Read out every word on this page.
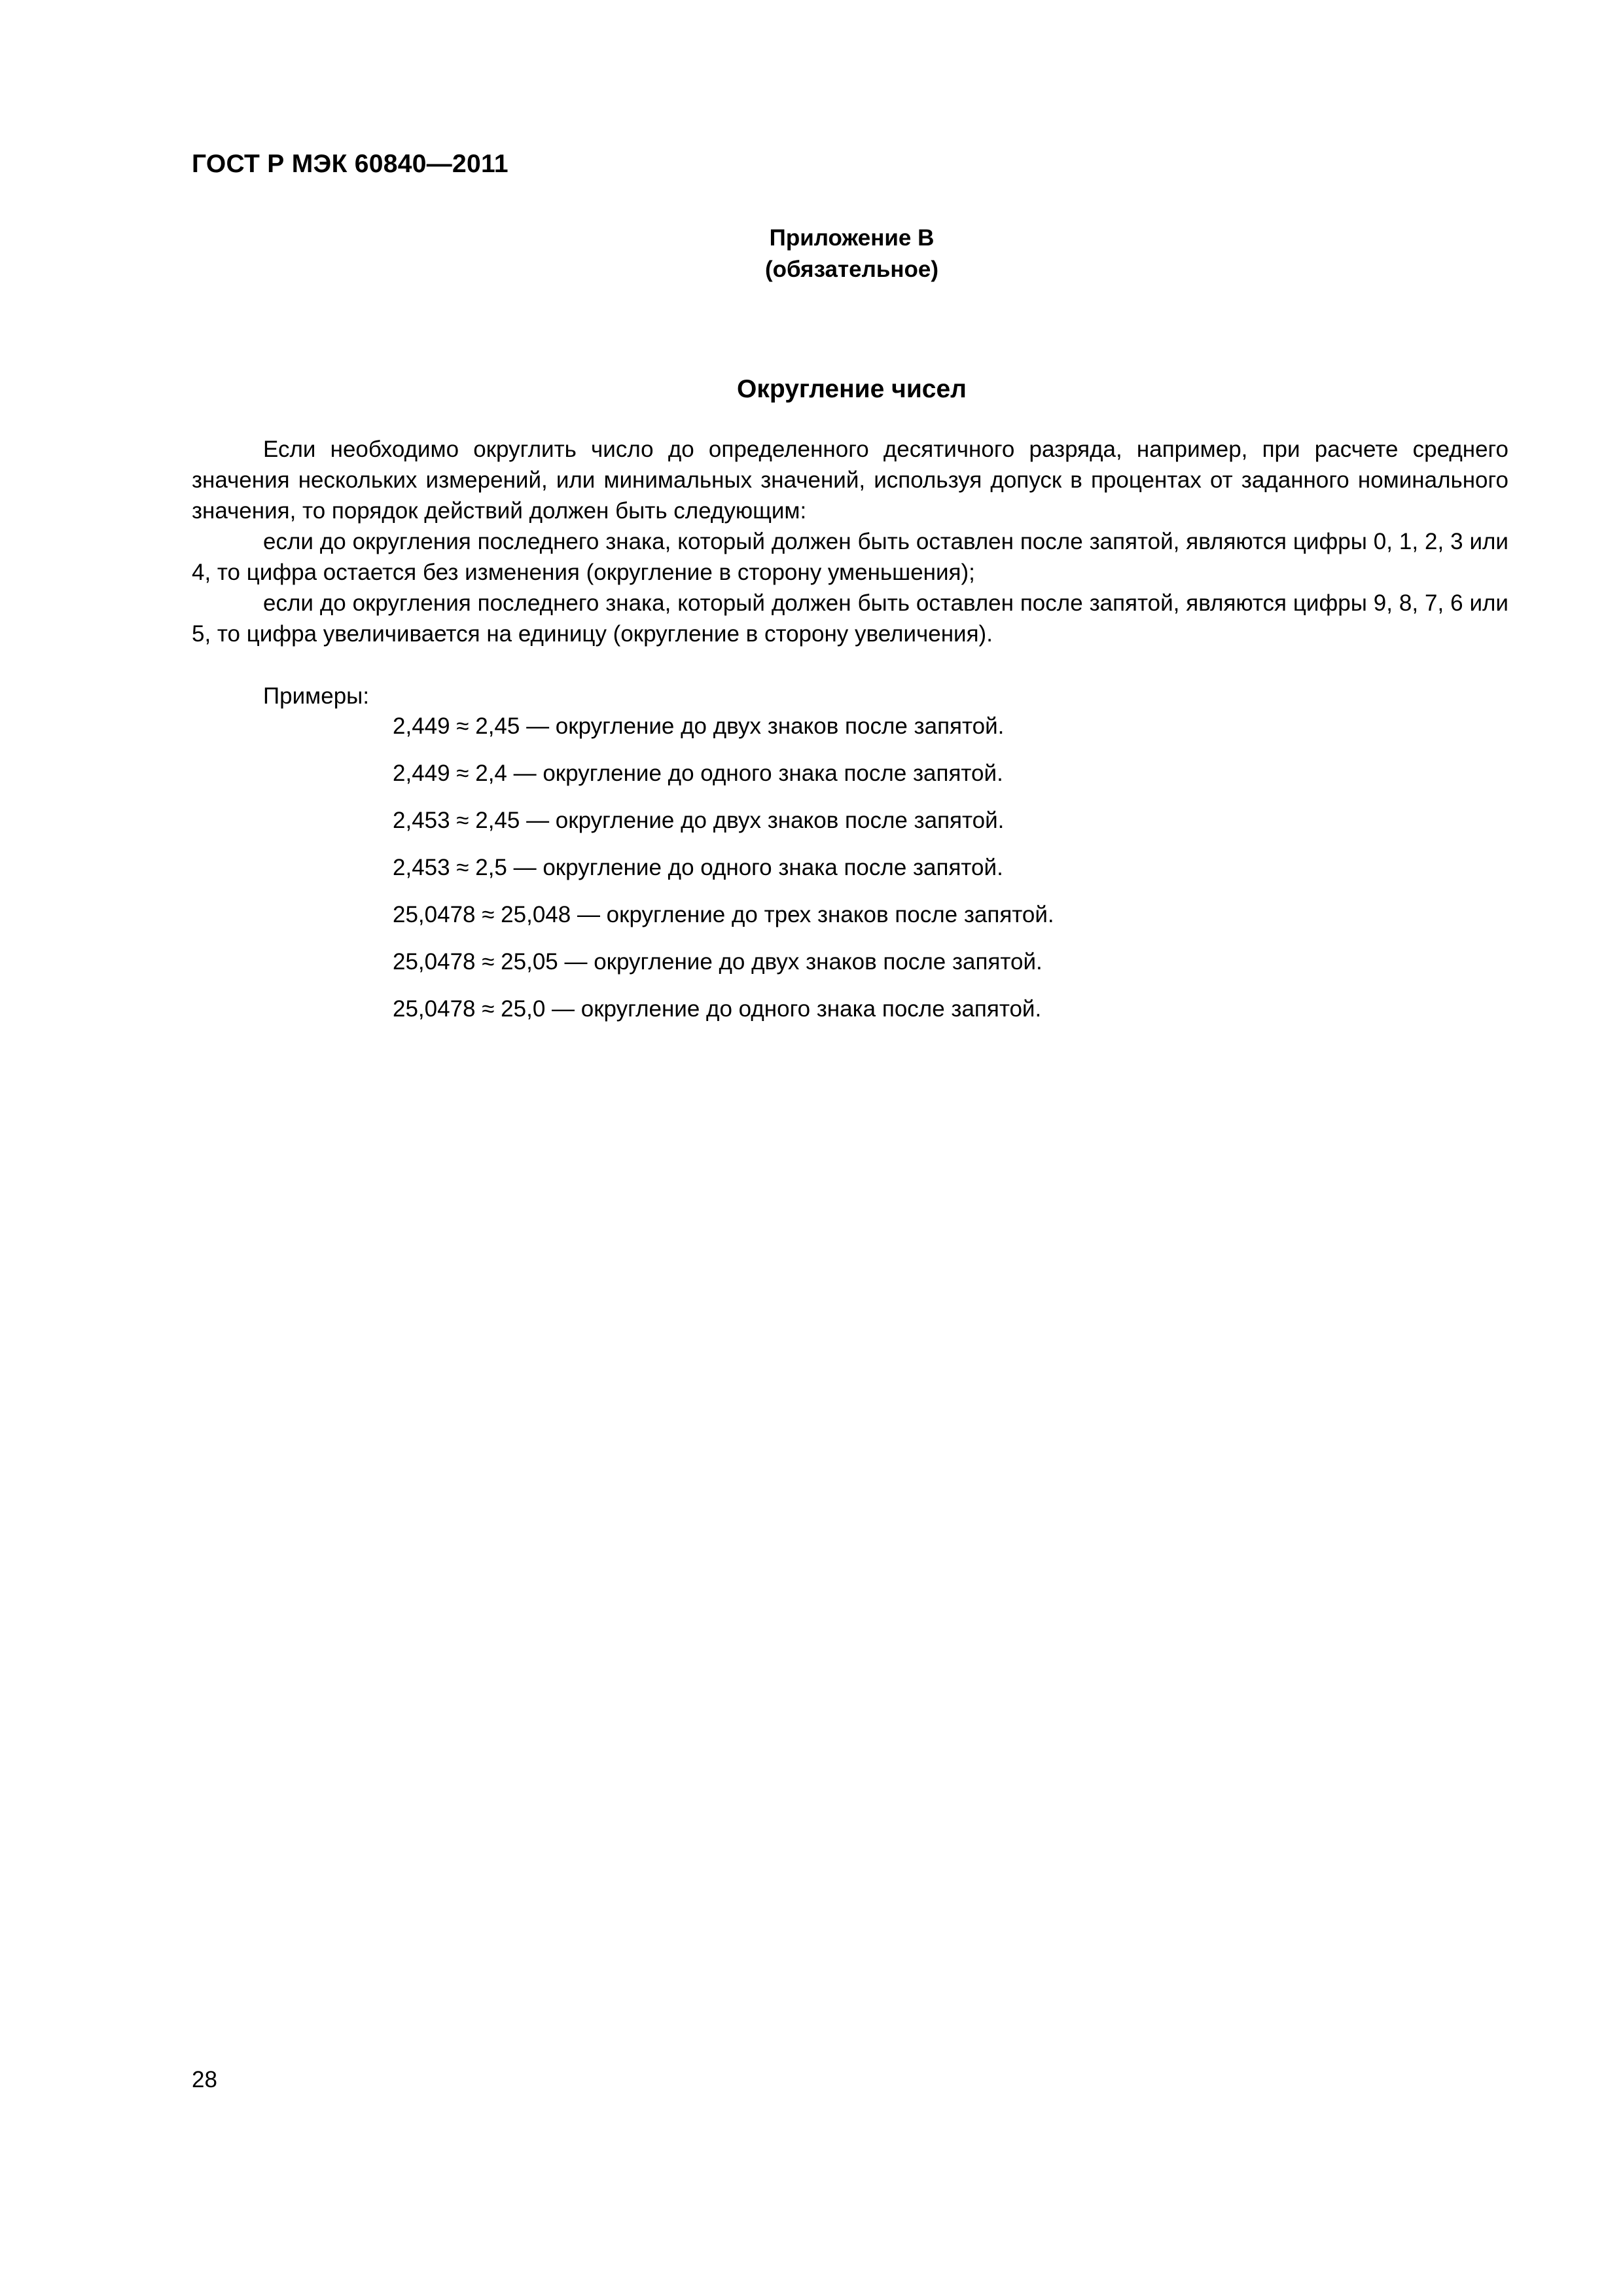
ГОСТ Р МЭК 60840—2011
Приложение В
(обязательное)
Округление чисел

Если необходимо округлить число до определенного десятичного разряда, например, при расчете среднего значения нескольких измерений, или минимальных значений, используя допуск в процентах от заданного номинального значения, то порядок действий должен быть следующим:

если до округления последнего знака, который должен быть оставлен после запятой, являются цифры 0, 1, 2, 3 или 4, то цифра остается без изменения (округление в сторону уменьшения);

если до округления последнего знака, который должен быть оставлен после запятой, являются цифры 9, 8, 7, 6 или 5, то цифра увеличивается на единицу (округление в сторону увеличения).

Примеры:
2,449 ≈ 2,45 — округление до двух знаков после запятой.
2,449 ≈ 2,4 — округление до одного знака после запятой.
2,453 ≈ 2,45 — округление до двух знаков после запятой.
2,453 ≈ 2,5 — округление до одного знака после запятой.
25,0478 ≈ 25,048 — округление до трех знаков после запятой.
25,0478 ≈ 25,05 — округление до двух знаков после запятой.
25,0478 ≈ 25,0 — округление до одного знака после запятой.
28
